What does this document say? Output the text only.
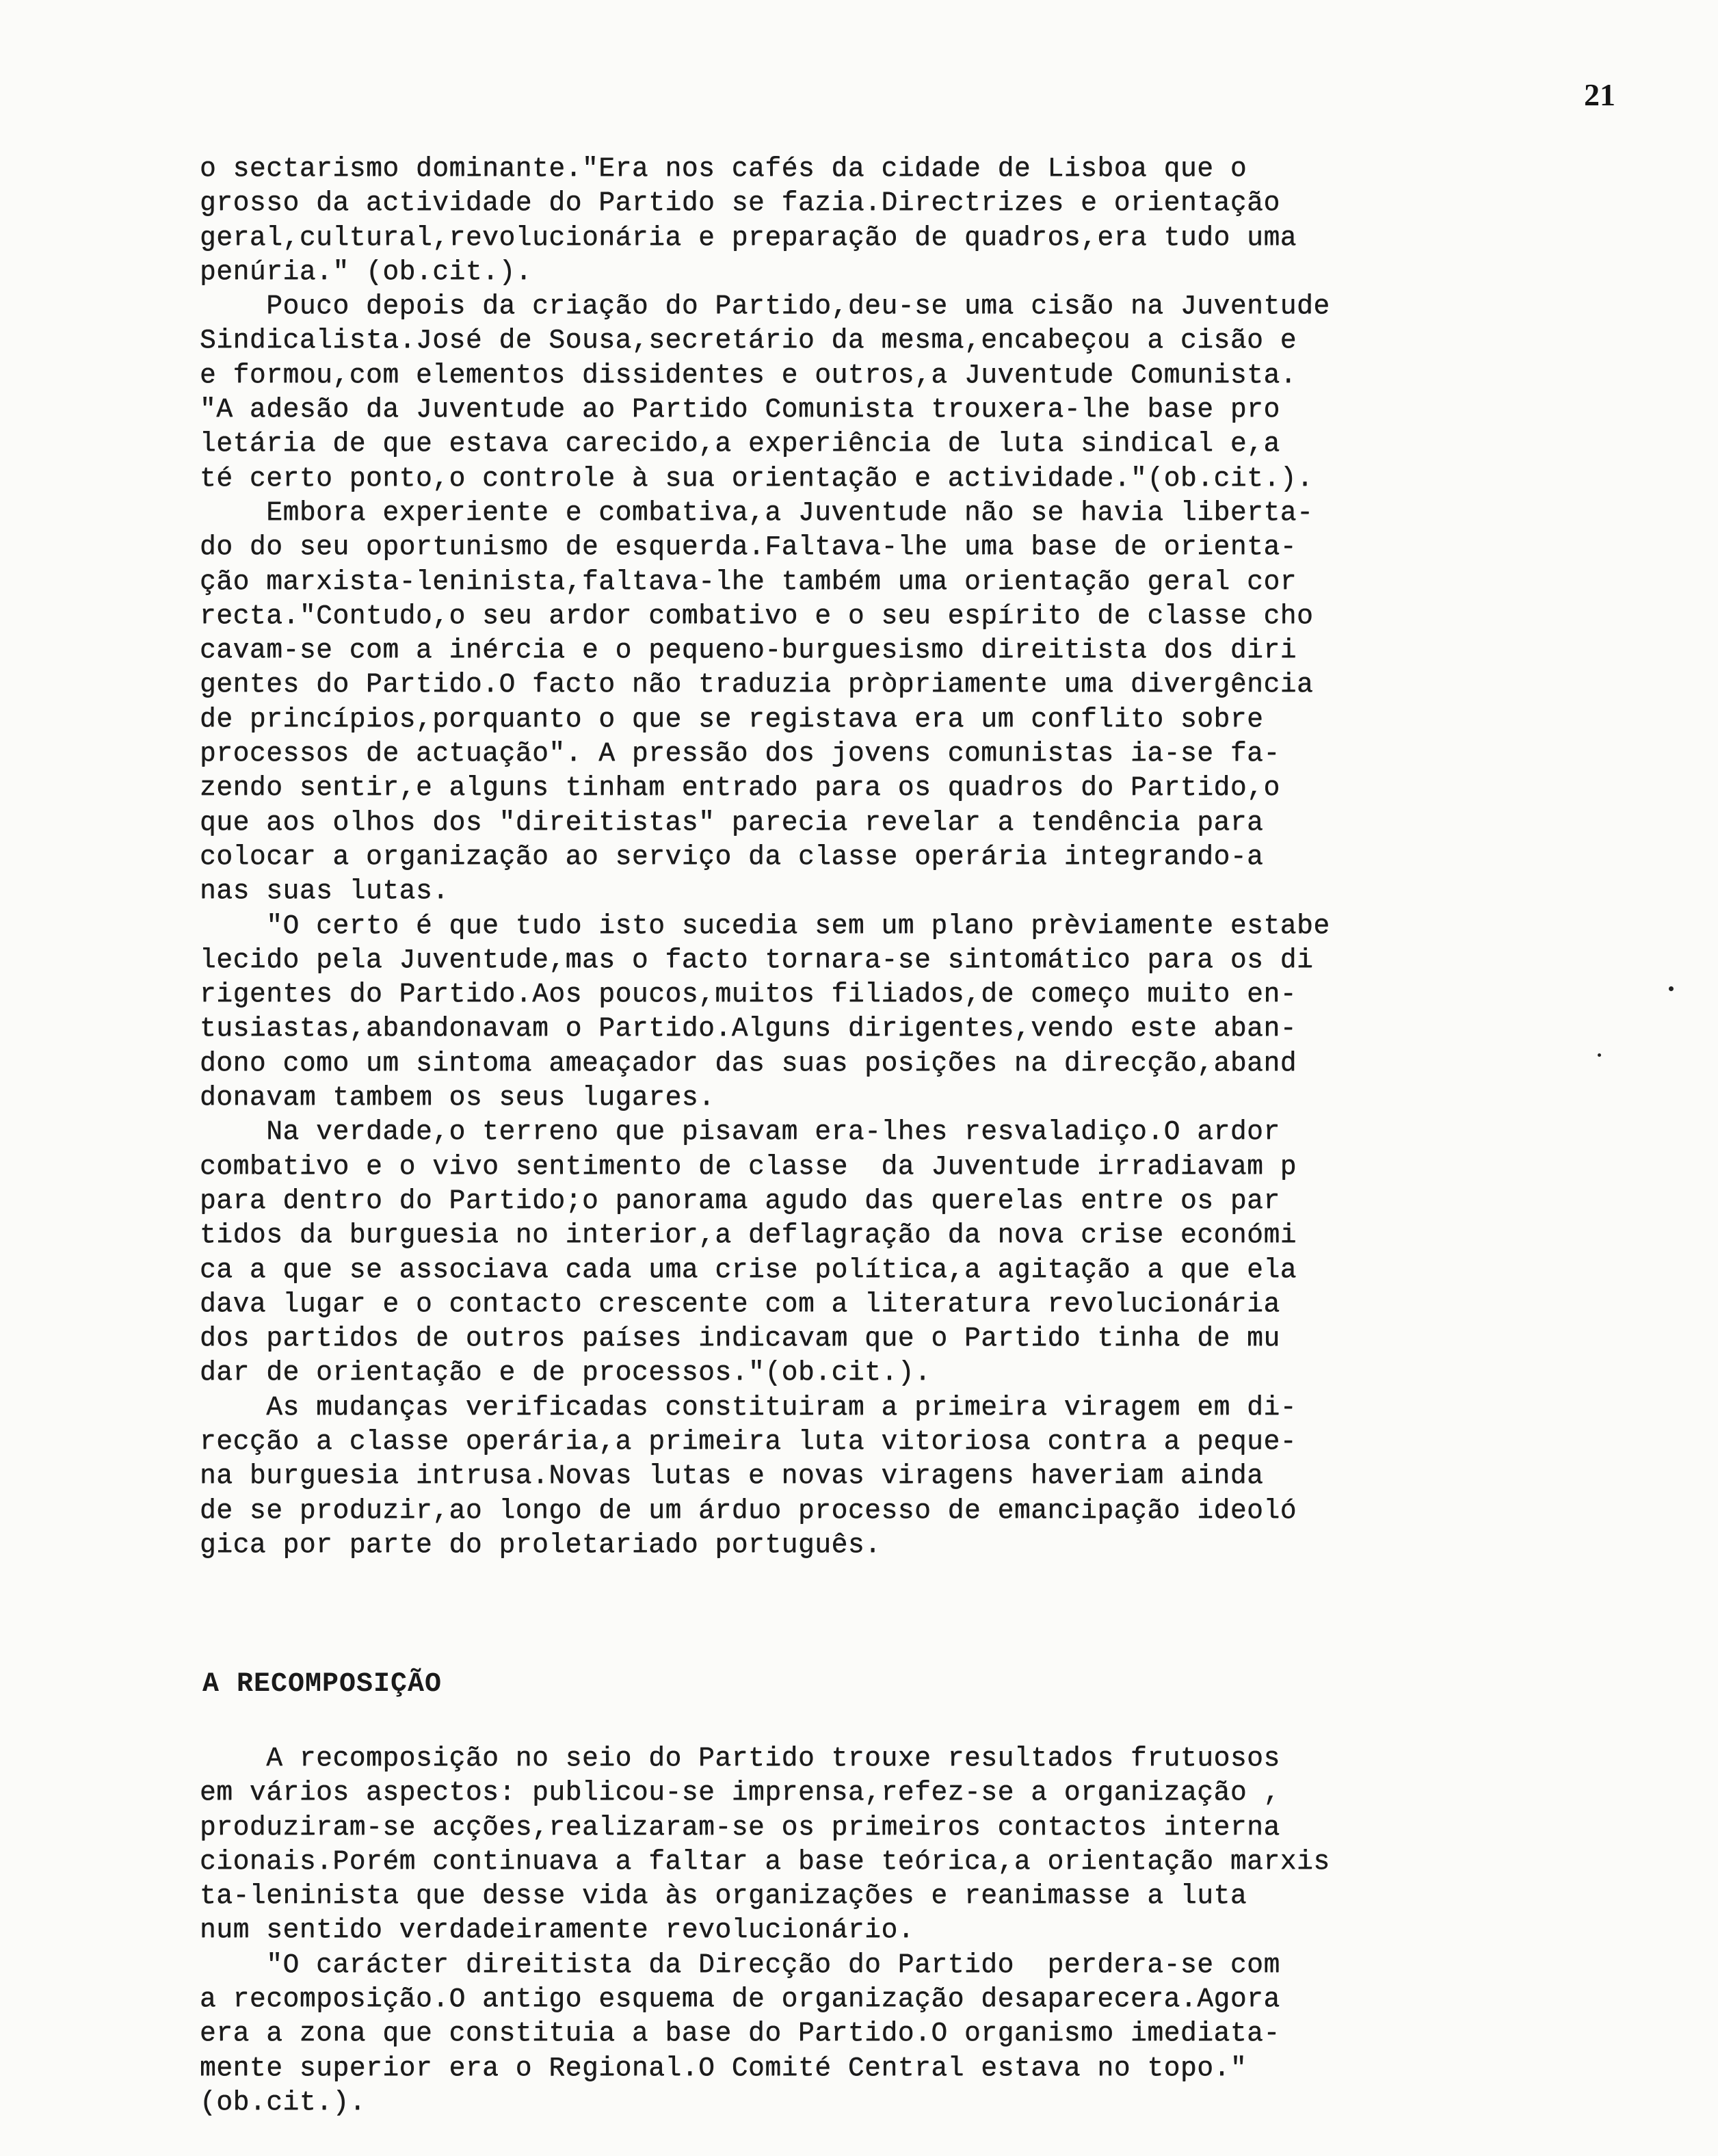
21

o sectarismo dominante."Era nos cafés da cidade de Lisboa que o

grosso da actividade do Partido se fazia.Directrizes e orientação

geral,cultural,revolucionária e preparação de quadros,era tudo uma

penúria." (ob.cit.).

Pouco depois da criação do Partido,deu-se uma cisão na Juventude

Sindicalista.José de Sousa,secretário da mesma,encabeçou a cisão e

e formou,com elementos dissidentes e outros,a Juventude Comunista.

"A adesão da Juventude ao Partido Comunista trouxera-lhe base pro

letária de que estava carecido,a experiência de luta sindical e,a

té certo ponto,o controle à sua orientação e actividade."(ob.cit.).

Embora experiente e combativa,a Juventude não se havia liberta-

do do seu oportunismo de esquerda.Faltava-lhe uma base de orienta-

ção marxista-leninista,faltava-lhe também uma orientação geral cor

recta."Contudo,o seu ardor combativo e o seu espírito de classe cho

cavam-se com a inércia e o pequeno-burguesismo direitista dos diri

gentes do Partido.O facto não traduzia pròpriamente uma divergência

de princípios,porquanto o que se registava era um conflito sobre

processos de actuação". A pressão dos jovens comunistas ia-se fa-

zendo sentir,e alguns tinham entrado para os quadros do Partido,o

que aos olhos dos "direitistas" parecia revelar a tendência para

colocar a organização ao serviço da classe operária integrando-a

nas suas lutas.

"O certo é que tudo isto sucedia sem um plano prèviamente estabe

lecido pela Juventude,mas o facto tornara-se sintomático para os di

rigentes do Partido.Aos poucos,muitos filiados,de começo muito en-

tusiastas,abandonavam o Partido.Alguns dirigentes,vendo este aban-

dono como um sintoma ameaçador das suas posições na direcção,aband

donavam tambem os seus lugares.

Na verdade,o terreno que pisavam era-lhes resvaladiço.O ardor

combativo e o vivo sentimento de classe  da Juventude irradiavam p

para dentro do Partido;o panorama agudo das querelas entre os par

tidos da burguesia no interior,a deflagração da nova crise económi

ca a que se associava cada uma crise política,a agitação a que ela

dava lugar e o contacto crescente com a literatura revolucionária

dos partidos de outros países indicavam que o Partido tinha de mu

dar de orientação e de processos."(ob.cit.).

As mudanças verificadas constituiram a primeira viragem em di-

recção a classe operária,a primeira luta vitoriosa contra a peque-

na burguesia intrusa.Novas lutas e novas viragens haveriam ainda

de se produzir,ao longo de um árduo processo de emancipação ideoló

gica por parte do proletariado português.

A RECOMPOSIÇÃO

A recomposição no seio do Partido trouxe resultados frutuosos

em vários aspectos: publicou-se imprensa,refez-se a organização ,

produziram-se acções,realizaram-se os primeiros contactos interna

cionais.Porém continuava a faltar a base teórica,a orientação marxis

ta-leninista que desse vida às organizações e reanimasse a luta

num sentido verdadeiramente revolucionário.

"O carácter direitista da Direcção do Partido  perdera-se com

a recomposição.O antigo esquema de organização desaparecera.Agora

era a zona que constituia a base do Partido.O organismo imediata-

mente superior era o Regional.O Comité Central estava no topo."

(ob.cit.).
